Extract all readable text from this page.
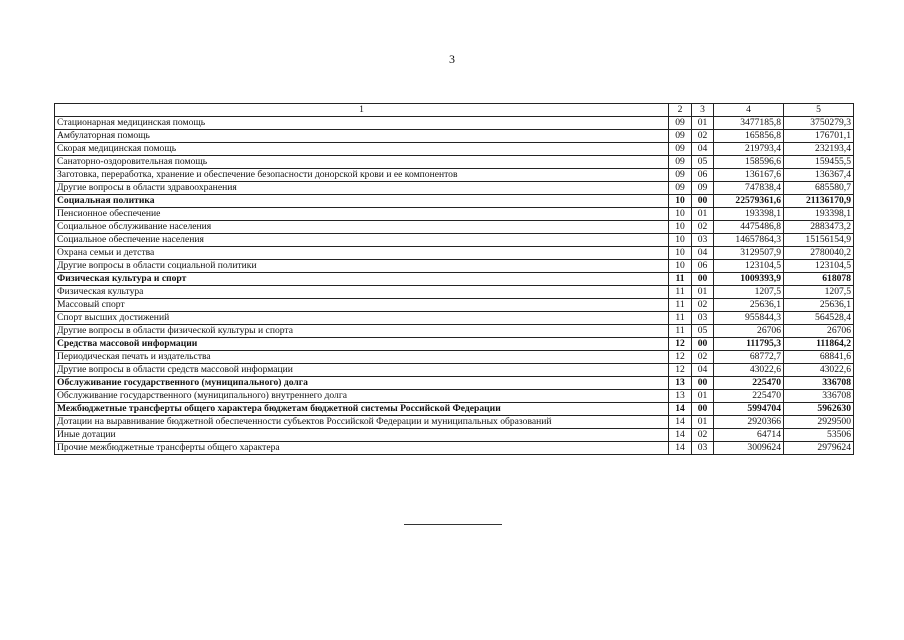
3
1	2	3	4	5
Стационарная медицинская помощь	09	01	3477185,8	3750279,3
Амбулаторная помощь	09	02	165856,8	176701,1
Скорая медицинская помощь	09	04	219793,4	232193,4
Санаторно-оздоровительная помощь	09	05	158596,6	159455,5
Заготовка, переработка, хранение и обеспечение безопасности донорской крови и ее компонентов	09	06	136167,6	136367,4
Другие вопросы в области здравоохранения	09	09	747838,4	685580,7
Социальная политика	10	00	22579361,6	21136170,9
Пенсионное обеспечение	10	01	193398,1	193398,1
Социальное обслуживание населения	10	02	4475486,8	2883473,2
Социальное обеспечение населения	10	03	14657864,3	15156154,9
Охрана семьи и детства	10	04	3129507,9	2780040,2
Другие вопросы в области социальной политики	10	06	123104,5	123104,5
Физическая культура и спорт	11	00	1009393,9	618078
Физическая культура	11	01	1207,5	1207,5
Массовый спорт	11	02	25636,1	25636,1
Спорт высших достижений	11	03	955844,3	564528,4
Другие вопросы в области физической культуры и спорта	11	05	26706	26706
Средства массовой информации	12	00	111795,3	111864,2
Периодическая печать и издательства	12	02	68772,7	68841,6
Другие вопросы в области средств массовой информации	12	04	43022,6	43022,6
Обслуживание государственного (муниципального) долга	13	00	225470	336708
Обслуживание государственного (муниципального) внутреннего долга	13	01	225470	336708
Межбюджетные трансферты общего характера бюджетам бюджетной системы Российской Федерации	14	00	5994704	5962630
Дотации на выравнивание бюджетной обеспеченности субъектов Российской Федерации и муниципальных образований	14	01	2920366	2929500
Иные дотации	14	02	64714	53506
Прочие межбюджетные трансферты общего характера	14	03	3009624	2979624
